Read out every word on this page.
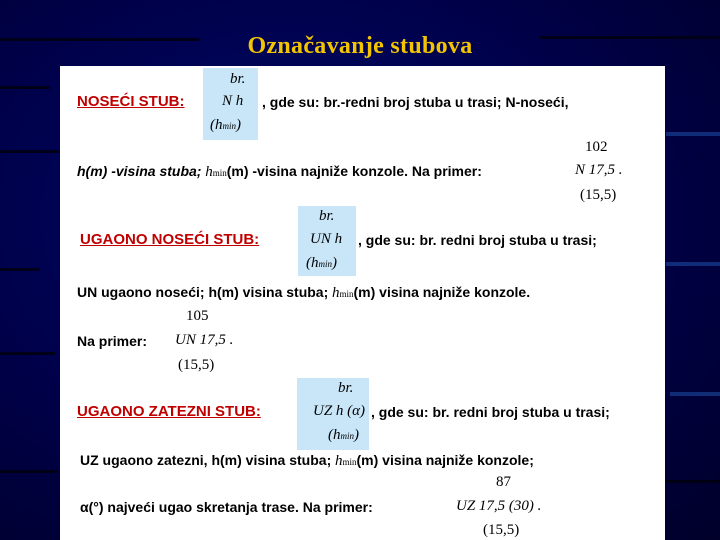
Označavanje stubova
br.
NOSEĆI STUB: N h , gde su: br.-redni broj stuba u trasi; N-noseći,
(hmin)
102
h(m) -visina stuba; hmin(m) -visina najniže konzole. Na primer:	N 17,5 .
(15,5)
br.
UGAONO NOSEĆI STUB:	UN h , gde su: br. redni broj stuba u trasi;
(hmin)
UN ugaono noseći; h(m) visina stuba; hmin(m) visina najniže konzole.
105
Na primer: UN 17,5 .
(15,5)
br.
UGAONO ZATEZNI STUB:	UZ h (α) , gde su: br. redni broj stuba u trasi;
(hmin)
UZ ugaono zatezni, h(m) visina stuba; hmin(m) visina najniže konzole;
87
α(°) najveći ugao skretanja trase. Na primer:	UZ 17,5 (30) .
(15,5)
